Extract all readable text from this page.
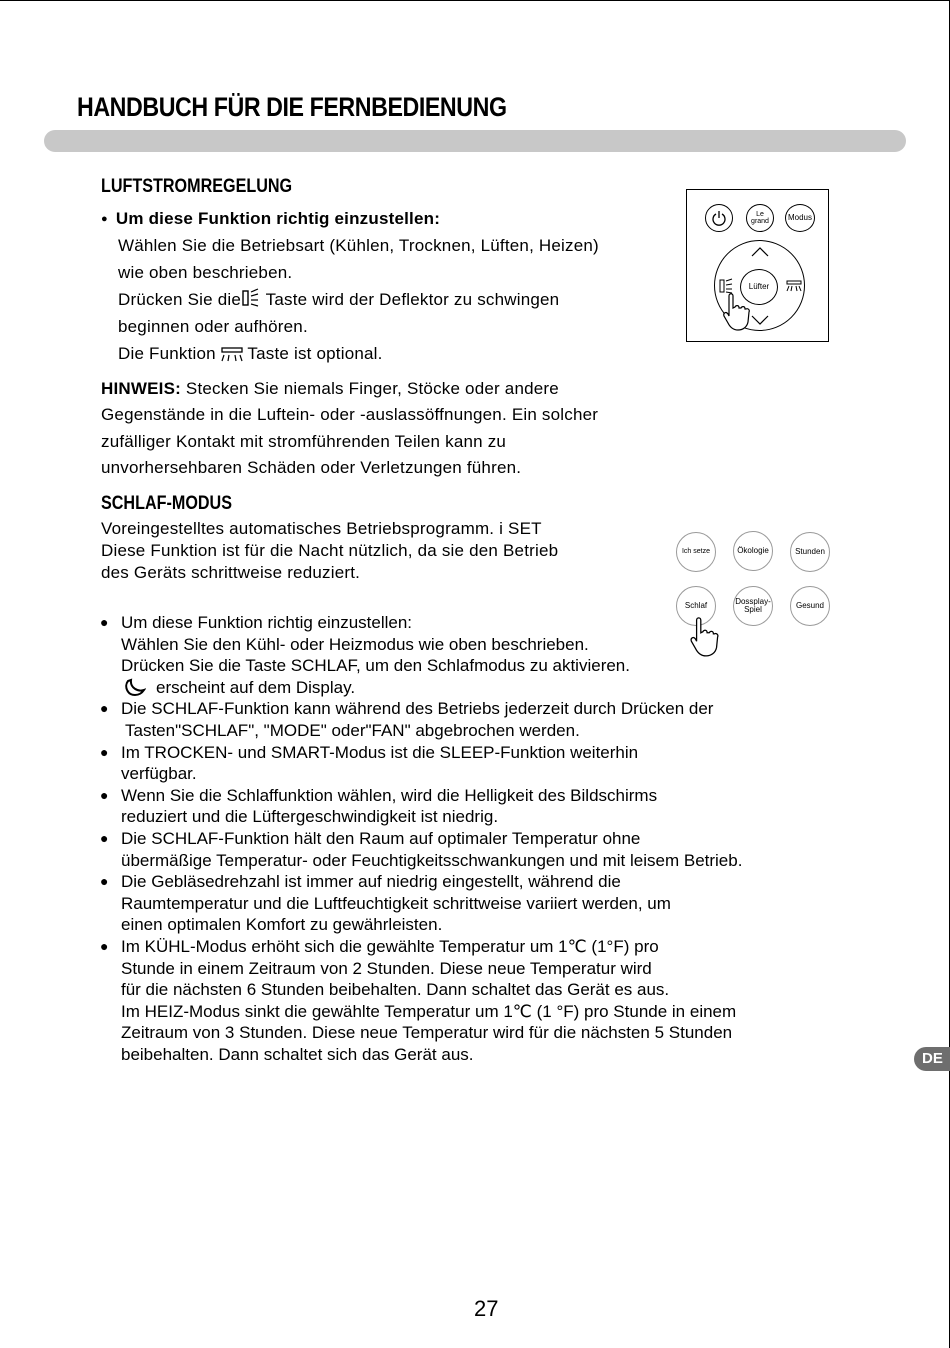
HANDBUCH FÜR DIE FERNBEDIENUNG
LUFTSTROMREGELUNG
● Um diese Funktion richtig einzustellen:
Wählen Sie die Betriebsart (Kühlen, Trocknen, Lüften, Heizen)
wie oben beschrieben.
Drücken Sie die Taste wird der Deflektor zu schwingen
beginnen oder aufhören.
Die Funktion Taste ist optional.
Le
grand	Modus
Lüfter
HINWEIS: Stecken Sie niemals Finger, Stöcke oder andere
Gegenstände in die Luftein- oder -auslassöffnungen. Ein solcher
zufälliger Kontakt mit stromführenden Teilen kann zu
unvorhersehbaren Schäden oder Verletzungen führen.
SCHLAF-MODUS
Voreingestelltes automatisches Betriebsprogramm. i SET
Diese Funktion ist für die Nacht nützlich, da sie den Betrieb
des Geräts schrittweise reduziert.
Ich setze	Ökologie	Stunden
Schlaf	Dossplay-
Spiel	Gesund
● Um diese Funktion richtig einzustellen:
Wählen Sie den Kühl- oder Heizmodus wie oben beschrieben.
Drücken Sie die Taste SCHLAF, um den Schlafmodus zu aktivieren.
erscheint auf dem Display.
● Die SCHLAF-Funktion kann während des Betriebs jederzeit durch Drücken der
Tasten"SCHLAF", "MODE" oder"FAN" abgebrochen werden.
● Im TROCKEN- und SMART-Modus ist die SLEEP-Funktion weiterhin
verfügbar.
● Wenn Sie die Schlaffunktion wählen, wird die Helligkeit des Bildschirms
reduziert und die Lüftergeschwindigkeit ist niedrig.
● Die SCHLAF-Funktion hält den Raum auf optimaler Temperatur ohne
übermäßige Temperatur- oder Feuchtigkeitsschwankungen und mit leisem Betrieb.
● Die Gebläsedrehzahl ist immer auf niedrig eingestellt, während die
Raumtemperatur und die Luftfeuchtigkeit schrittweise variiert werden, um
einen optimalen Komfort zu gewährleisten.
● Im KÜHL-Modus erhöht sich die gewählte Temperatur um 1℃ (1°F) pro
Stunde in einem Zeitraum von 2 Stunden. Diese neue Temperatur wird
für die nächsten 6 Stunden beibehalten. Dann schaltet das Gerät es aus.
Im HEIZ-Modus sinkt die gewählte Temperatur um 1℃ (1 °F) pro Stunde in einem
Zeitraum von 3 Stunden. Diese neue Temperatur wird für die nächsten 5 Stunden
beibehalten. Dann schaltet sich das Gerät aus.	DE
27
